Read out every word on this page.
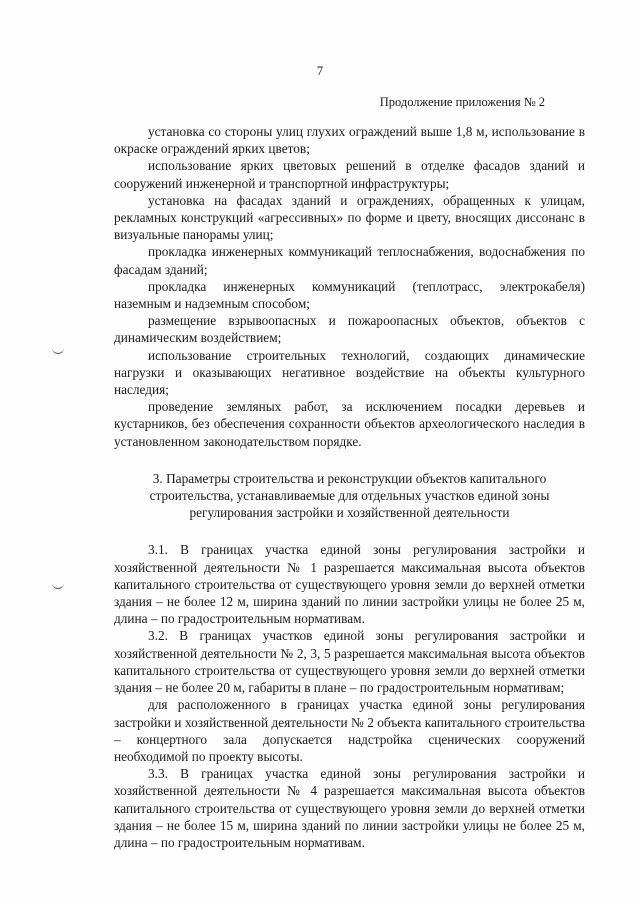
7
Продолжение приложения № 2

установка со стороны улиц глухих ограждений выше 1,8 м, использование в окраске ограждений ярких цветов;

использование ярких цветовых решений в отделке фасадов зданий и сооружений инженерной и транспортной инфраструктуры;

установка на фасадах зданий и ограждениях, обращенных к улицам, рекламных конструкций «агрессивных» по форме и цвету, вносящих диссонанс в визуальные панорамы улиц;

прокладка инженерных коммуникаций теплоснабжения, водоснабжения по фасадам зданий;

прокладка инженерных коммуникаций (теплотрасс, электрокабеля) наземным и надземным способом;

размещение взрывоопасных и пожароопасных объектов, объектов с динамическим воздействием;

использование строительных технологий, создающих динамические нагрузки и оказывающих негативное воздействие на объекты культурного наследия;

проведение земляных работ, за исключением посадки деревьев и кустарников, без обеспечения сохранности объектов археологического наследия в установленном законодательством порядке.

3. Параметры строительства и реконструкции объектов капитального строительства, устанавливаемые для отдельных участков единой зоны регулирования застройки и хозяйственной деятельности

3.1. В границах участка единой зоны регулирования застройки и хозяйственной деятельности № 1 разрешается максимальная высота объектов капитального строительства от существующего уровня земли до верхней отметки здания – не более 12 м, ширина зданий по линии застройки улицы не более 25 м, длина – по градостроительным нормативам.

3.2. В границах участков единой зоны регулирования застройки и хозяйственной деятельности № 2, 3, 5 разрешается максимальная высота объектов капитального строительства от существующего уровня земли до верхней отметки здания – не более 20 м, габариты в плане – по градостроительным нормативам;

для расположенного в границах участка единой зоны регулирования застройки и хозяйственной деятельности № 2 объекта капитального строительства – концертного зала допускается надстройка сценических сооружений необходимой по проекту высоты.

3.3. В границах участка единой зоны регулирования застройки и хозяйственной деятельности № 4 разрешается максимальная высота объектов капитального строительства от существующего уровня земли до верхней отметки здания – не более 15 м, ширина зданий по линии застройки улицы не более 25 м, длина – по градостроительным нормативам.
